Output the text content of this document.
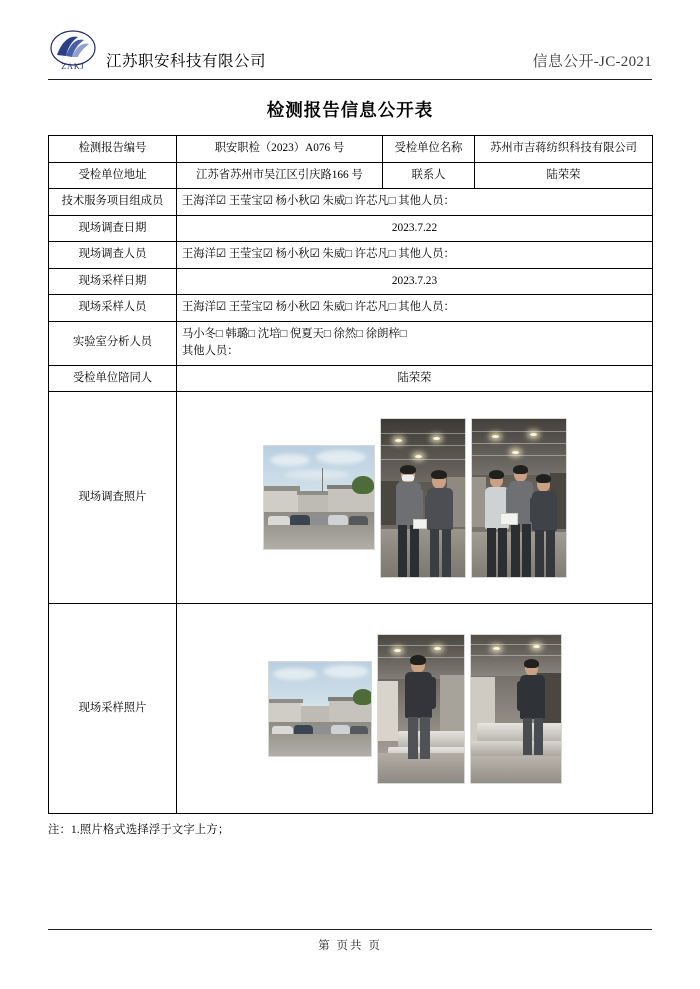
ZAKJ 江苏职安科技有限公司	信息公开-JC-2021
检测报告信息公开表
检测报告编号	职安职检（2023）A076 号	受检单位名称	苏州市吉蒋纺织科技有限公司
受检单位地址	江苏省苏州市吴江区引庆路166 号	联系人	陆荣荣
技术服务项目组成员	王海洋☑ 王莹宝☑ 杨小秋☑ 朱威□ 许芯凡□ 其他人员：		
现场调查日期	2023.7.22		
现场调查人员	王海洋☑ 王莹宝☑ 杨小秋☑ 朱威□ 许芯凡□ 其他人员：		
现场采样日期	2023.7.23		
现场采样人员	王海洋☑ 王莹宝☑ 杨小秋☑ 朱威□ 许芯凡□ 其他人员：		
实验室分析人员	马小冬□ 韩璐□ 沈培□ 倪夏天□ 徐然□ 徐朗梓□
其他人员：		

受检单位陪同人	陆荣荣		
现场调查照片			

现场采样照片			
注：1.照片格式选择浮于文字上方；
第 页共 页
